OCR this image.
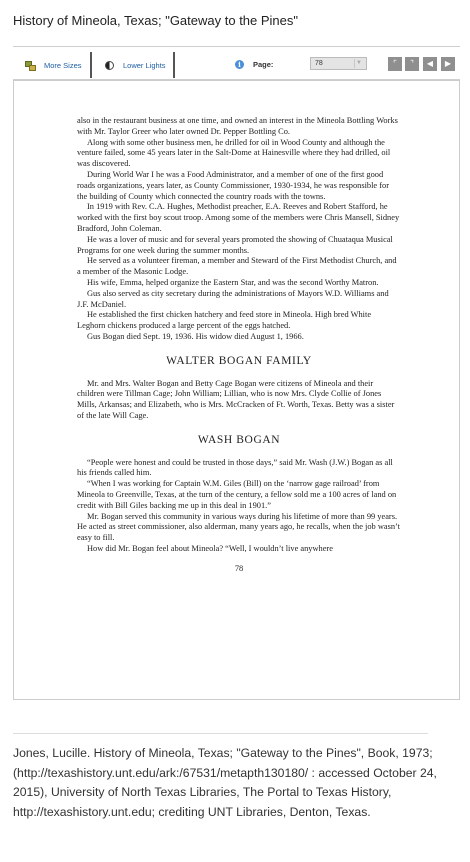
History of Mineola, Texas; "Gateway to the Pines"
More Sizes	Lower Lights	i	Page:	78	▼	⌜	⌝	◀	▶

also in the restaurant business at one time, and owned an interest in the Mineola Bottling Works with Mr. Taylor Greer who later owned Dr. Pepper Bottling Co.

Along with some other business men, he drilled for oil in Wood County and although the venture failed, some 45 years later in the Salt-Dome at Hainesville where they had drilled, oil was discovered.

During World War I he was a Food Administrator, and a member of one of the first good roads organizations, years later, as County Commissioner, 1930-1934, he was responsible for the building of County which connected the country roads with the towns.

In 1919 with Rev. C.A. Hughes, Methodist preacher, E.A. Reeves and Robert Stafford, he worked with the first boy scout troop. Among some of the members were Chris Mansell, Sidney Bradford, John Coleman.

He was a lover of music and for several years promoted the showing of Chuataqua Musical Programs for one week during the summer months.

He served as a volunteer fireman, a member and Steward of the First Methodist Church, and a member of the Masonic Lodge.

His wife, Emma, helped organize the Eastern Star, and was the second Worthy Matron.

Gus also served as city secretary during the administrations of Mayors W.D. Williams and J.F. McDaniel.

He established the first chicken hatchery and feed store in Mineola. High bred White Leghorn chickens produced a large percent of the eggs hatched.

Gus Bogan died Sept. 19, 1936. His widow died August 1, 1966.

WALTER BOGAN FAMILY

Mr. and Mrs. Walter Bogan and Betty Cage Bogan were citizens of Mineola and their children were Tillman Cage; John William; Lillian, who is now Mrs. Clyde Collie of Jones Mills, Arkansas; and Elizabeth, who is Mrs. McCracken of Ft. Worth, Texas. Betty was a sister of the late Will Cage.

WASH BOGAN

“People were honest and could be trusted in those days,” said Mr. Wash (J.W.) Bogan as all his friends called him.

“When I was working for Captain W.M. Giles (Bill) on the ‘narrow gage railroad’ from Mineola to Greenville, Texas, at the turn of the century, a fellow sold me a 100 acres of land on credit with Bill Giles backing me up in this deal in 1901.”

Mr. Bogan served this community in various ways during his lifetime of more than 99 years. He acted as street commissioner, also alderman, many years ago, he recalls, when the job wasn’t easy to fill.

How did Mr. Bogan feel about Mineola? “Well, I wouldn’t live anywhere

78

Jones, Lucille. History of Mineola, Texas; "Gateway to the Pines", Book, 1973; (http://texashistory.unt.edu/ark:/67531/metapth130180/ : accessed October 24, 2015), University of North Texas Libraries, The Portal to Texas History, http://texashistory.unt.edu; crediting UNT Libraries, Denton, Texas.
